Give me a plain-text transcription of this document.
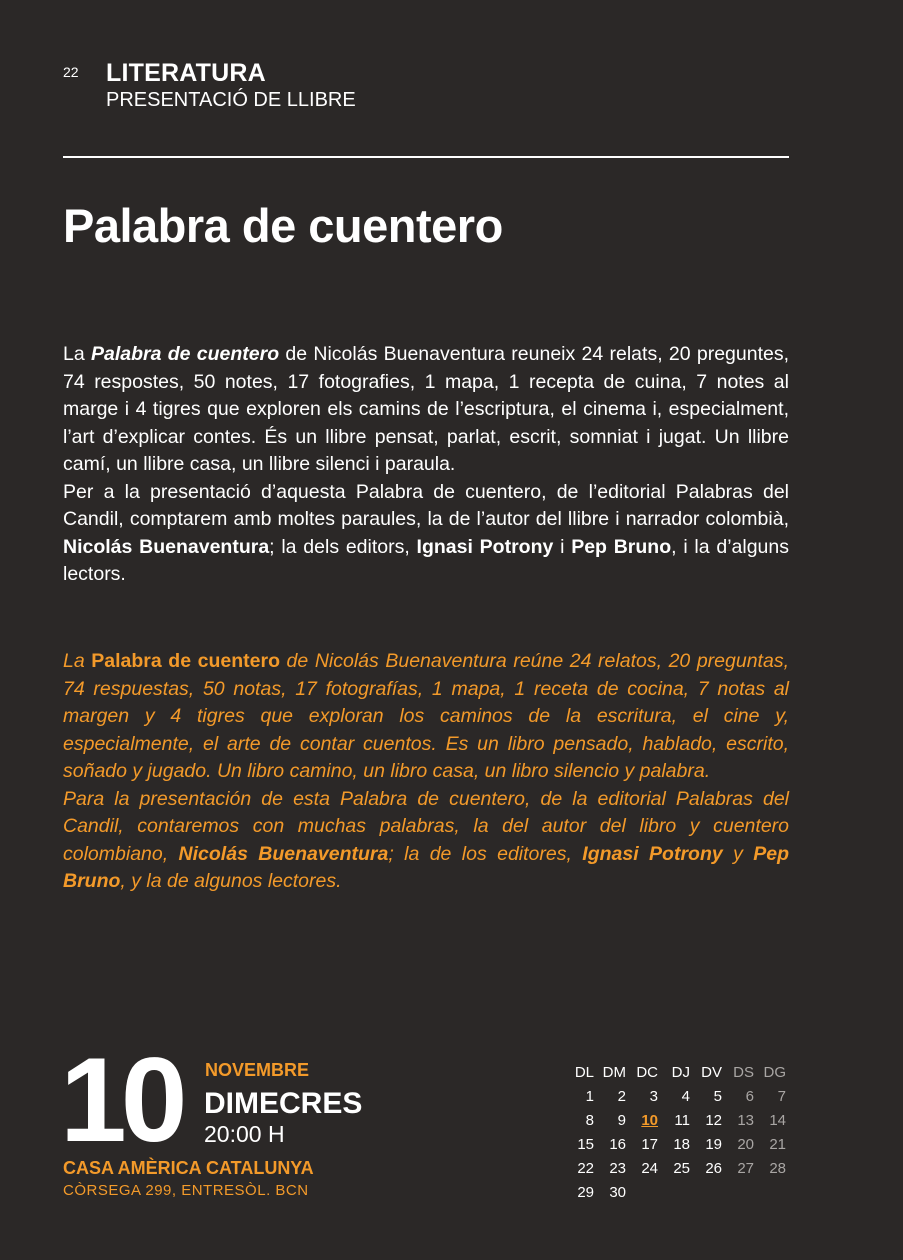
22 LITERATURA
PRESENTACIÓ DE LLIBRE
Palabra de cuentero

La Palabra de cuentero de Nicolás Buenaventura reuneix 24 relats, 20 preguntes, 74 respostes, 50 notes, 17 fotografies, 1 mapa, 1 recepta de cuina, 7 notes al marge i 4 tigres que exploren els camins de l’escriptura, el cinema i, especialment, l’art d’explicar contes. És un llibre pensat, parlat, escrit, somniat i jugat. Un llibre camí, un llibre casa, un llibre silenci i paraula.

Per a la presentació d’aquesta Palabra de cuentero, de l’editorial Palabras del Candil, comptarem amb moltes paraules, la de l’autor del llibre i narrador colombià, Nicolás Buenaventura; la dels editors, Ignasi Potrony i Pep Bruno, i la d’alguns lectors.

La Palabra de cuentero de Nicolás Buenaventura reúne 24 relatos, 20 preguntas, 74 respuestas, 50 notas, 17 fotografías, 1 mapa, 1 receta de cocina, 7 notas al margen y 4 tigres que exploran los caminos de la escritura, el cine y, especialmente, el arte de contar cuentos. Es un libro pensado, hablado, escrito, soñado y jugado. Un libro camino, un libro casa, un libro silencio y palabra.

Para la presentación de esta Palabra de cuentero, de la editorial Palabras del Candil, contaremos con muchas palabras, la del autor del libro y cuentero colombiano, Nicolás Buenaventura; la de los editores, Ignasi Potrony y Pep Bruno, y la de algunos lectores.

10 NOVEMBRE
DIMECRES
20:00 H
CASA AMÈRICA CATALUNYA
CÒRSEGA 299, ENTRESÒL. BCN
DL	DM	DC	DJ	DV	DS	DG
1	2	3	4	5	6	7
8	9	10	11	12	13	14
15	16	17	18	19	20	21
22	23	24	25	26	27	28
29	30					
